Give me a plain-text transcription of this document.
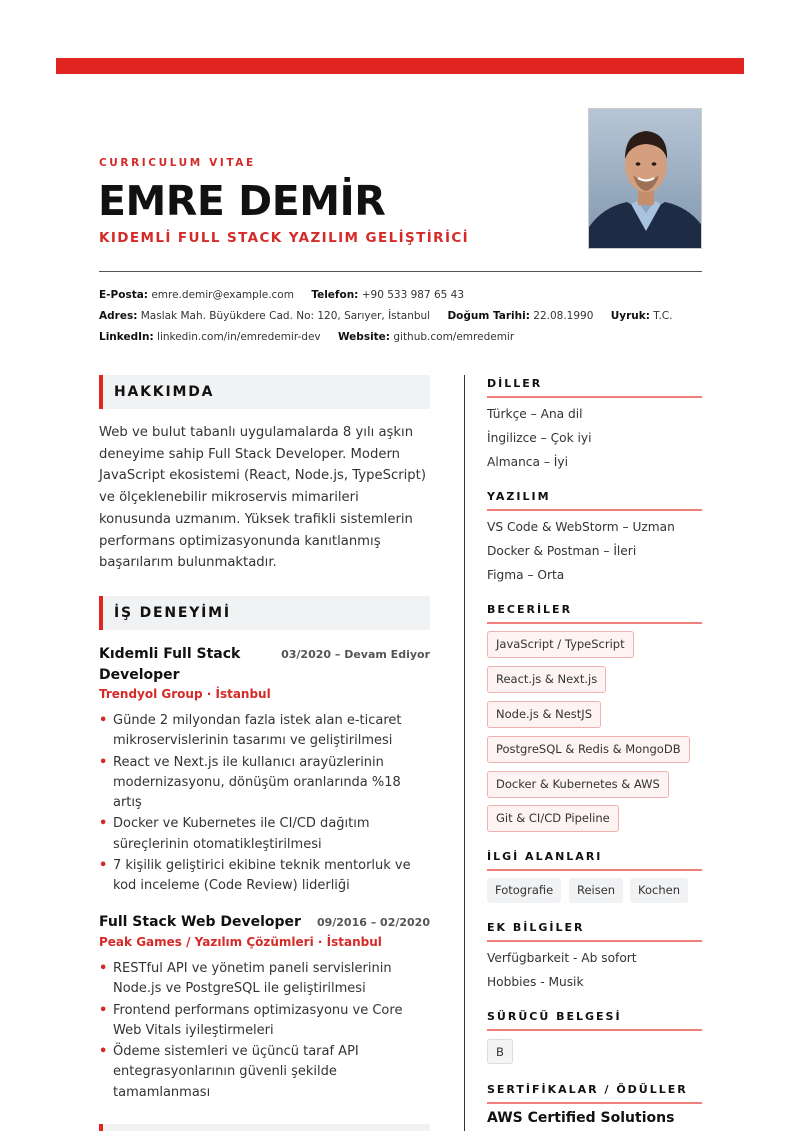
CURRICULUM VITAE
EMRE DEMİR
KIDEMLİ FULL STACK YAZILIM GELİŞTİRİCİ
E-Posta: emre.demir@example.com Telefon: +90 533 987 65 43
Adres: Maslak Mah. Büyükdere Cad. No: 120, Sarıyer, İstanbul Doğum Tarihi: 22.08.1990 Uyruk: T.C.
LinkedIn: linkedin.com/in/emredemir-dev Website: github.com/emredemir
HAKKIMDA
Web ve bulut tabanlı uygulamalarda 8 yılı aşkın deneyime sahip Full Stack Developer. Modern JavaScript ekosistemi (React, Node.js, TypeScript) ve ölçeklenebilir mikroservis mimarileri konusunda uzmanım. Yüksek trafikli sistemlerin performans optimizasyonunda kanıtlanmış başarılarım bulunmaktadır.
İŞ DENEYİMİ
Kıdemli Full Stack Developer
03/2020 – Devam Ediyor
Trendyol Group · İstanbul
• Günde 2 milyondan fazla istek alan e-ticaret mikroservislerinin tasarımı ve geliştirilmesi
• React ve Next.js ile kullanıcı arayüzlerinin modernizasyonu, dönüşüm oranlarında %18 artış
• Docker ve Kubernetes ile CI/CD dağıtım süreçlerinin otomatikleştirilmesi
• 7 kişilik geliştirici ekibine teknik mentorluk ve kod inceleme (Code Review) liderliği
Full Stack Web Developer 09/2016 – 02/2020
Peak Games / Yazılım Çözümleri · İstanbul
• RESTful API ve yönetim paneli servislerinin Node.js ve PostgreSQL ile geliştirilmesi
• Frontend performans optimizasyonu ve Core Web Vitals iyileştirmeleri
• Ödeme sistemleri ve üçüncü taraf API entegrasyonlarının güvenli şekilde tamamlanması
DİLLER
Türkçe – Ana dil
İngilizce – Çok iyi
Almanca – İyi
YAZILIM
VS Code & WebStorm – Uzman
Docker & Postman – İleri
Figma – Orta
BECERİLER
JavaScript / TypeScript
React.js & Next.js
Node.js & NestJS
PostgreSQL & Redis & MongoDB
Docker & Kubernetes & AWS
Git & CI/CD Pipeline
İLGİ ALANLARI
Fotografie	Reisen	Kochen
EK BİLGİLER
Verfügbarkeit - Ab sofort
Hobbies - Musik
SÜRÜCÜ BELGESİ
B
SERTİFİKALAR / ÖDÜLLER
AWS Certified Solutions
